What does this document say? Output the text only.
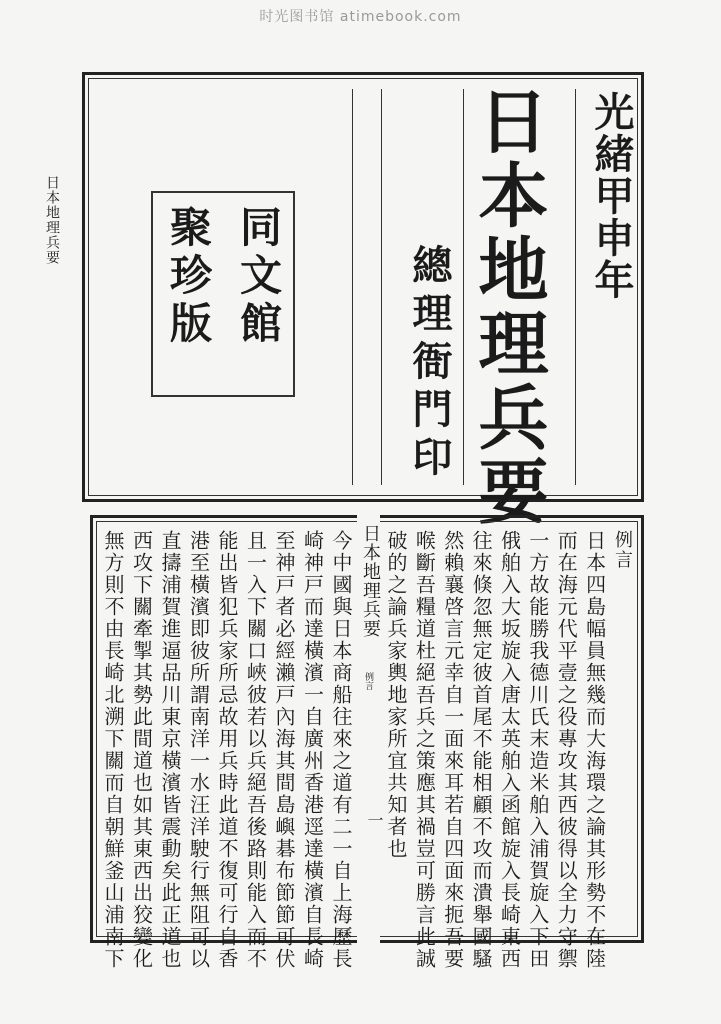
时光图书馆 atimebook.com
日本地理兵要	光緒甲申年
日本地理兵要
總理衙門印
同文館
聚珍版
例言
日本四島幅員無幾而大海環之論其形勢不在陸
而在海元代平壹之役專攻其西彼得以全力守禦
一方故能勝我德川氏末造米舶入浦賀旋入下田
俄舶入大坂旋入唐太英舶入函館旋入長崎東西
往來倏忽無定彼首尾不能相顧不攻而潰舉國騷
然賴襄啓言元幸自一面來耳若自四面來扼吾要
喉斷吾糧道杜絕吾兵之策應其禍豈可勝言此誠
破的之論兵家輿地家所宜共知者也
日本地理兵要
例言
一
今中國與日本商船往來之道有二一自上海歷長
崎神戸而達橫濱一自廣州香港逕達橫濱自長崎
至神戸者必經瀨戸內海其間島嶼碁布節節可伏
且一入下關口峽彼若以兵絕吾後路則能入而不
能出皆犯兵家所忌故用兵時此道不復可行自香
港至橫濱即彼所謂南洋一水汪洋駛行無阻可以
直擣浦賀進逼品川東京橫濱皆震動矣此正道也
西攻下關牽掣其勢此間道也如其東西出狡變化
無方則不由長崎北溯下關而自朝鮮釜山浦南下
